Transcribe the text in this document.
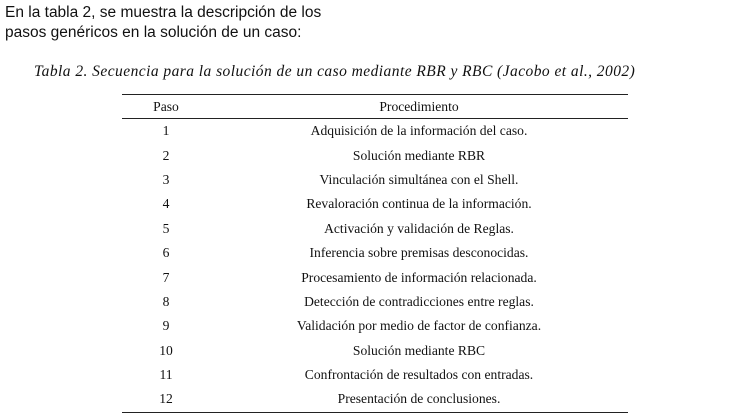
En la tabla 2, se muestra la descripción de los
pasos genéricos en la solución de un caso:

Tabla 2. Secuencia para la solución de un caso mediante RBR y RBC (Jacobo et al., 2002)

Paso	Procedimiento
1	Adquisición de la información del caso.
2	Solución mediante RBR
3	Vinculación simultánea con el Shell.
4	Revaloración continua de la información.
5	Activación y validación de Reglas.
6	Inferencia sobre premisas desconocidas.
7	Procesamiento de información relacionada.
8	Detección de contradicciones entre reglas.
9	Validación por medio de factor de confianza.
10	Solución mediante RBC
11	Confrontación de resultados con entradas.
12	Presentación de conclusiones.
